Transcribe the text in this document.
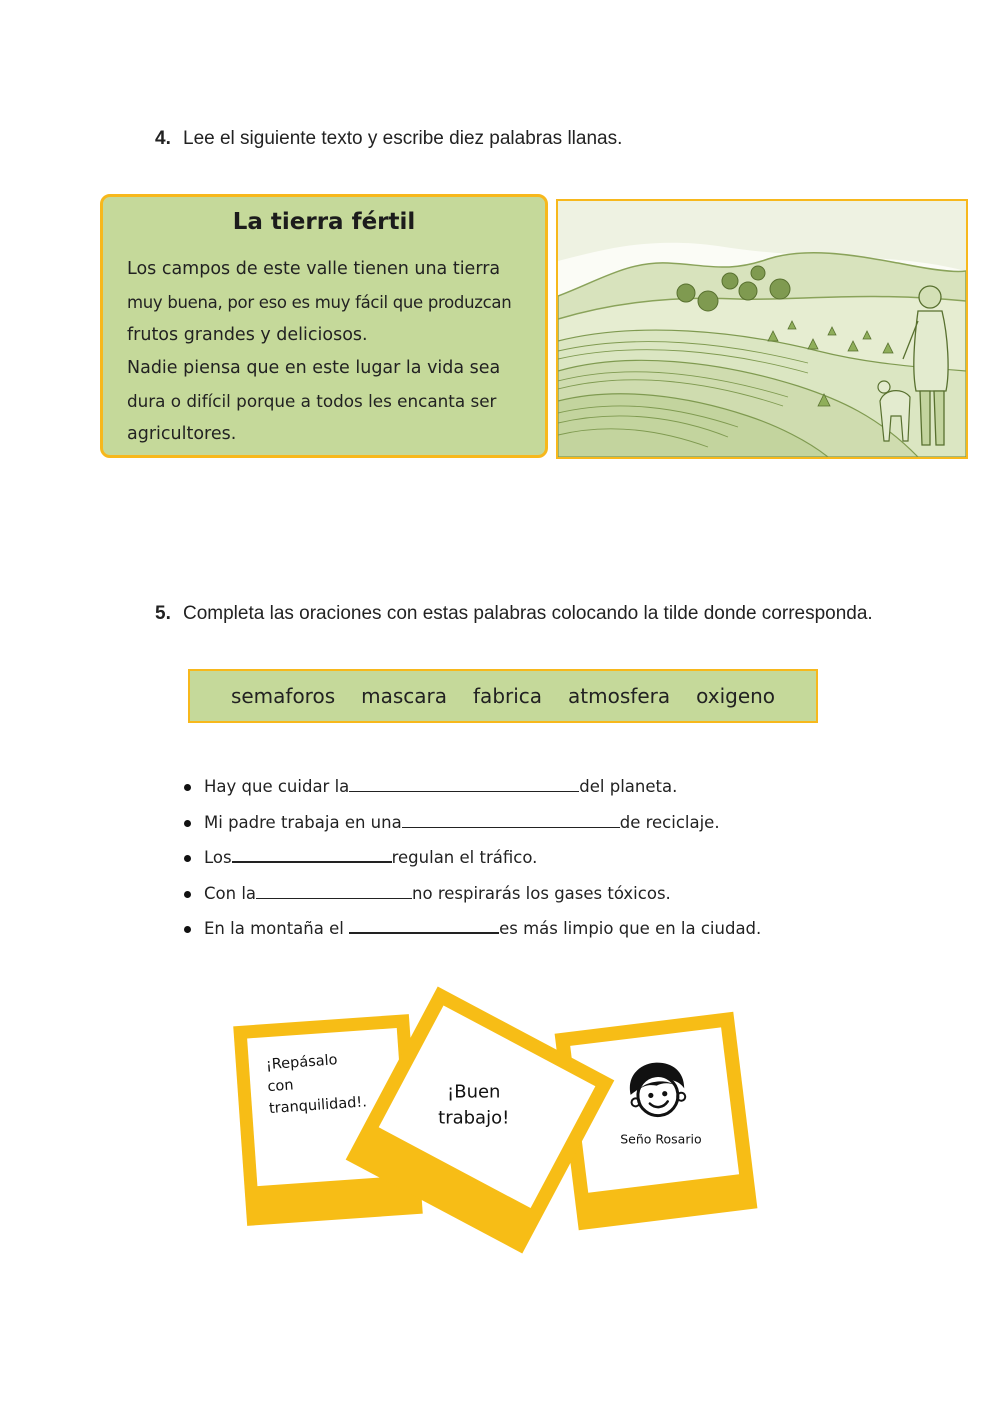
4. Lee el siguiente texto y escribe diez palabras llanas.
La tierra fértil

Los campos de este valle tienen una tierra

muy buena, por eso es muy fácil que produzcan

frutos grandes y deliciosos.

Nadie piensa que en este lugar la vida sea

dura o difícil porque a todos les encanta ser

agricultores.

5. Completa las oraciones con estas palabras colocando la tilde donde corresponda.
semaforos mascara fabrica atmosfera oxigeno
Hay que cuidar la	del planeta.
Mi padre trabaja en una	de reciclaje.
Los	regulan el tráfico.
Con la	no respirarás los gases tóxicos.
En la montaña el	es más limpio que en la ciudad.
¡Repásalo
con
tranquilidad!.
Seño Rosario
¡Buen
trabajo!
